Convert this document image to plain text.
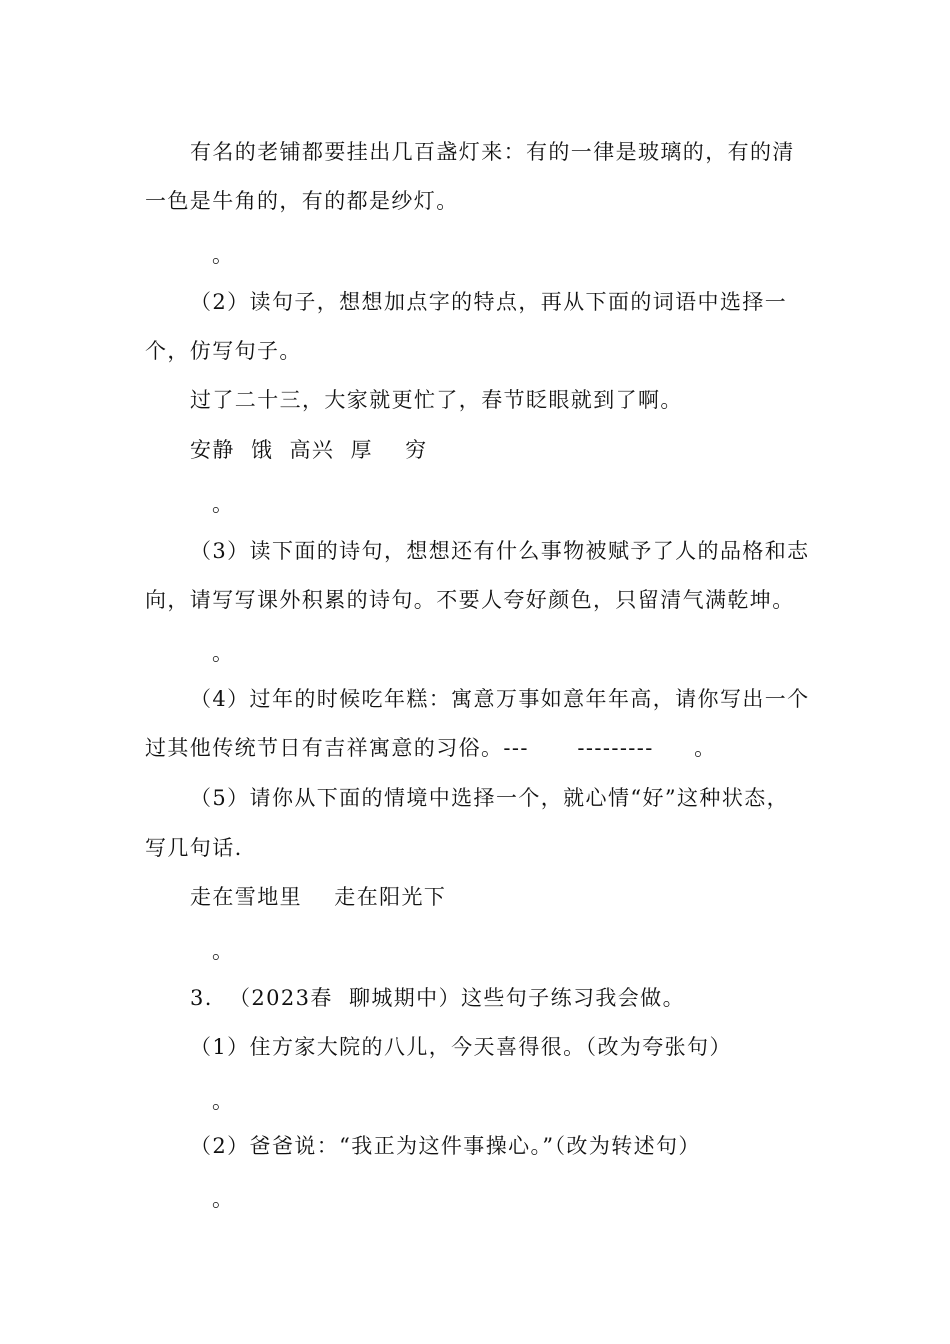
有名的老铺都要挂出几百盏灯来：有的一律是玻璃的，有的清
一色是牛角的，有的都是纱灯。
。
（2）读句子，想想加点字的特点，再从下面的词语中选择一
个，仿写句子。
过了二十三，大家就更忙了，春节眨眼就到了啊。
安静  饿  高兴  厚    穷
。
（3）读下面的诗句，想想还有什么事物被赋予了人的品格和志
向，请写写课外积累的诗句。不要人夸好颜色，只留清气满乾坤。
。
（4）过年的时候吃年糕：寓意万事如意年年高，请你写出一个
过其他传统节日有吉祥寓意的习俗。---      ---------     。
（5）请你从下面的情境中选择一个，就心情“好”这种状态，
写几句话.
走在雪地里    走在阳光下
。
3.  （2023春  聊城期中）这些句子练习我会做。
（1）住方家大院的八儿，今天喜得很。（改为夸张句）
。
（2）爸爸说：“我正为这件事操心。”（改为转述句）
。
